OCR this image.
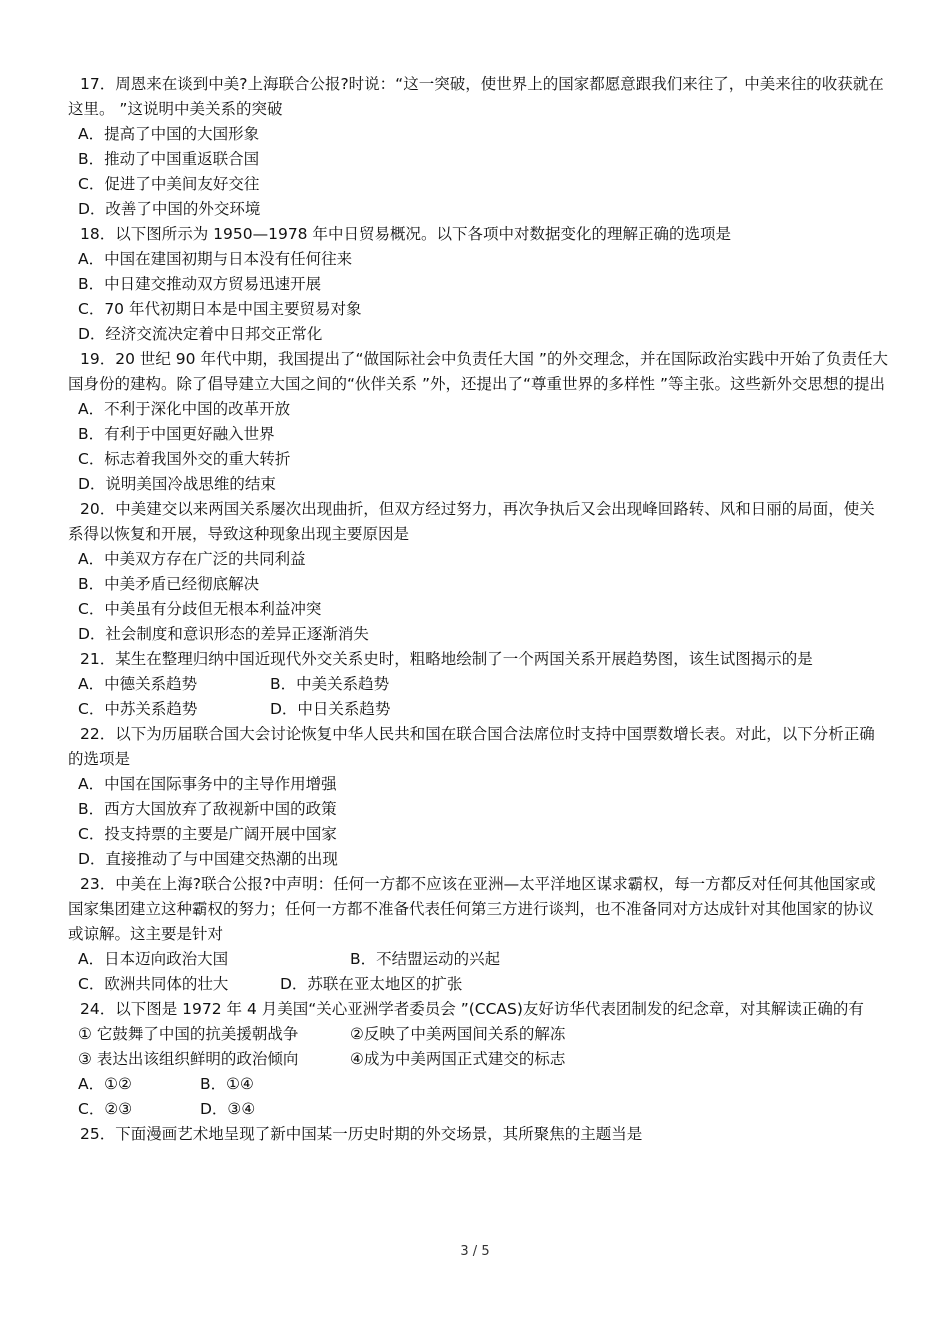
17．周恩来在谈到中美?上海联合公报?时说：“这一突破，使世界上的国家都愿意跟我们来往了，中美来往的收获就在这里。 ”这说明中美关系的突破
A．提高了中国的大国形象
B．推动了中国重返联合国
C．促进了中美间友好交往
D．改善了中国的外交环境
18．以下图所示为 1950—1978 年中日贸易概况。以下各项中对数据变化的理解正确的选项是
A．中国在建国初期与日本没有任何往来
B．中日建交推动双方贸易迅速开展
C．70 年代初期日本是中国主要贸易对象
D．经济交流决定着中日邦交正常化
19．20 世纪 90 年代中期，我国提出了“做国际社会中负责任大国 ”的外交理念，并在国际政治实践中开始了负责任大国身份的建构。除了倡导建立大国之间的“伙伴关系 ”外，还提出了“尊重世界的多样性 ”等主张。这些新外交思想的提出
A．不利于深化中国的改革开放
B．有利于中国更好融入世界
C．标志着我国外交的重大转折
D．说明美国冷战思维的结束
20．中美建交以来两国关系屡次出现曲折，但双方经过努力，再次争执后又会出现峰回路转、风和日丽的局面，使关系得以恢复和开展，导致这种现象出现主要原因是
A．中美双方存在广泛的共同利益
B．中美矛盾已经彻底解决
C．中美虽有分歧但无根本利益冲突
D．社会制度和意识形态的差异正逐渐消失
21．某生在整理归纳中国近现代外交关系史时，粗略地绘制了一个两国关系开展趋势图，该生试图揭示的是
A．中德关系趋势	B．中美关系趋势
C．中苏关系趋势	D．中日关系趋势
22．以下为历届联合国大会讨论恢复中华人民共和国在联合国合法席位时支持中国票数增长表。对此，以下分析正确的选项是
A．中国在国际事务中的主导作用增强
B．西方大国放弃了敌视新中国的政策
C．投支持票的主要是广阔开展中国家
D．直接推动了与中国建交热潮的出现
23．中美在上海?联合公报?中声明：任何一方都不应该在亚洲—太平洋地区谋求霸权，每一方都反对任何其他国家或国家集团建立这种霸权的努力；任何一方都不准备代表任何第三方进行谈判，也不准备同对方达成针对其他国家的协议或谅解。这主要是针对
A．日本迈向政治大国	B．不结盟运动的兴起
C．欧洲共同体的壮大	D．苏联在亚太地区的扩张
24．以下图是 1972 年 4 月美国“关心亚洲学者委员会 ”(CCAS)友好访华代表团制发的纪念章，对其解读正确的有
① 它鼓舞了中国的抗美援朝战争	②反映了中美两国间关系的解冻
③ 表达出该组织鲜明的政治倾向	④成为中美两国正式建交的标志
A．①②	B．①④
C．②③	D．③④
25．下面漫画艺术地呈现了新中国某一历史时期的外交场景，其所聚焦的主题当是
3 / 5
